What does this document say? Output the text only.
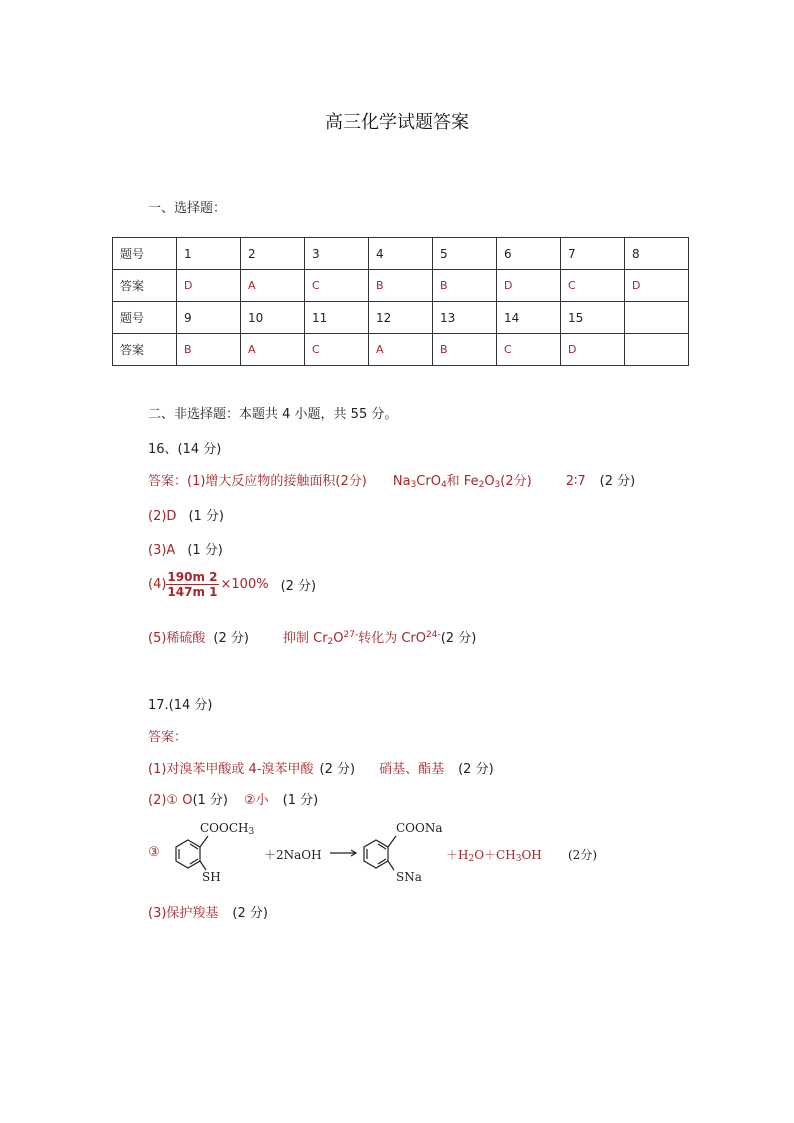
高三化学试题答案
一、选择题：
题号	1	2	3	4	5	6	7	8
答案	D	A	C	B	B	D	C	D
题号	9	10	11	12	13	14	15	
答案	B	A	C	A	B	C	D	
二、非选择题：本题共 4 小题，共 55 分。
16、(14 分)
答案：(1)增大反应物的接触面积(2分) $Na_3CrO_4$和 $Fe_2O_3(2$分)	2∶7 (2 分)
(2)D (1 分)
(3)A (1 分)
$(4) \frac{190m 2}{147m 1} \times 100\%$ (2 分)
(5)稀硫酸 (2 分)	抑制 $Cr_2O^{27-}$转化为 CrO$^{24-}$(2 分)
17.(14 分)
答案：
(1)对溴苯甲酸或 4-溴苯甲酸 (2 分) 硝基、酯基 (2 分)
(2)① O(1 分) ②小 (1 分)
③
$COOCH_3$
SH
＋2NaOH
COONa
SNa
$+H_2O+CH_3OH$ (2分)
(3)保护羧基 (2 分)
